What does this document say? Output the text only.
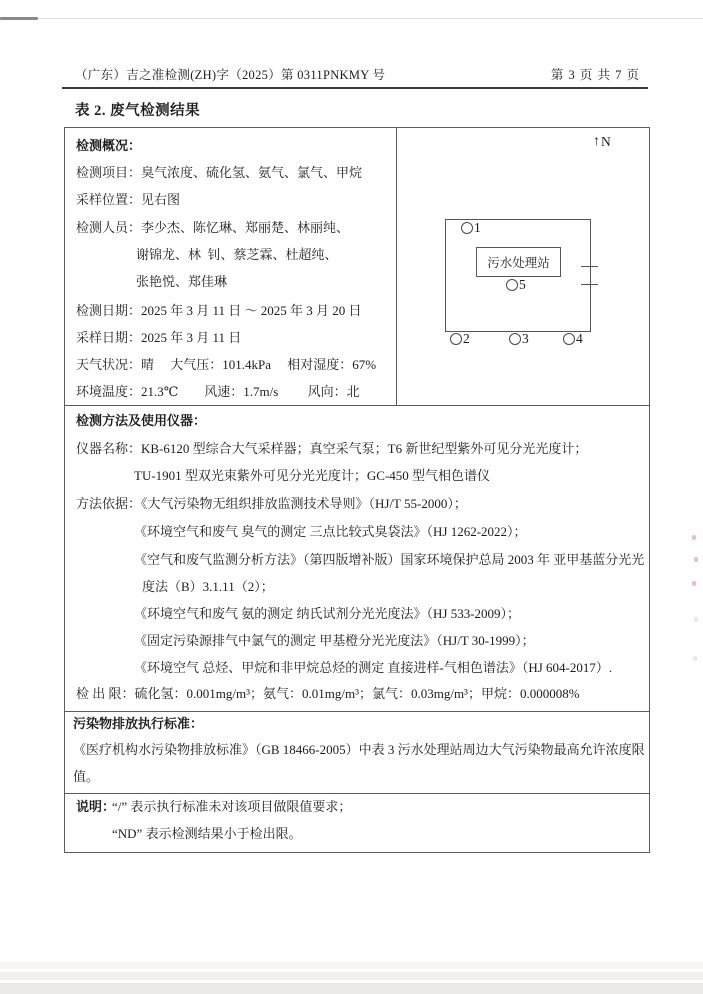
（广东）吉之准检测(ZH)字（2025）第 0311PNKMY 号	第 3 页 共 7 页
表 2. 废气检测结果
检测概况：
检测项目：臭气浓度、硫化氢、氨气、氯气、甲烷
采样位置：见右图
检测人员：李少杰、陈忆琳、郑丽楚、林丽纯、
谢锦龙、林  钊、蔡芝霖、杜超纯、
张艳悦、郑佳琳
检测日期：2025 年 3 月 11 日 ～ 2025 年 3 月 20 日
采样日期：2025 年 3 月 11 日
天气状况：晴　 大气压：101.4kPa　 相对湿度：67%
环境温度：21.3℃　　风速：1.7m/s　　 风向：北
↑ N
污水处理站
1
5
2	3	4
检测方法及使用仪器：
仪器名称：KB-6120 型综合大气采样器；真空采气泵；T6 新世纪型紫外可见分光光度计；
TU-1901 型双光束紫外可见分光光度计；GC-450 型气相色谱仪
方法依据：《大气污染物无组织排放监测技术导则》（HJ/T 55-2000）；
《环境空气和废气 臭气的测定 三点比较式臭袋法》（HJ 1262-2022）；
《空气和废气监测分析方法》（第四版增补版）国家环境保护总局 2003 年 亚甲基蓝分光光
度法（B）3.1.11（2）；
《环境空气和废气 氨的测定 纳氏试剂分光光度法》（HJ 533-2009）；
《固定污染源排气中氯气的测定 甲基橙分光光度法》（HJ/T 30-1999）；
《环境空气 总烃、甲烷和非甲烷总烃的测定 直接进样-气相色谱法》（HJ 604-2017）.
检 出 限：硫化氢：0.001mg/m³；氨气：0.01mg/m³；氯气：0.03mg/m³；甲烷：0.000008%
污染物排放执行标准：
《医疗机构水污染物排放标准》（GB 18466-2005）中表 3 污水处理站周边大气污染物最高允许浓度限
值。
说明：
“/” 表示执行标准未对该项目做限值要求；
“ND” 表示检测结果小于检出限。
